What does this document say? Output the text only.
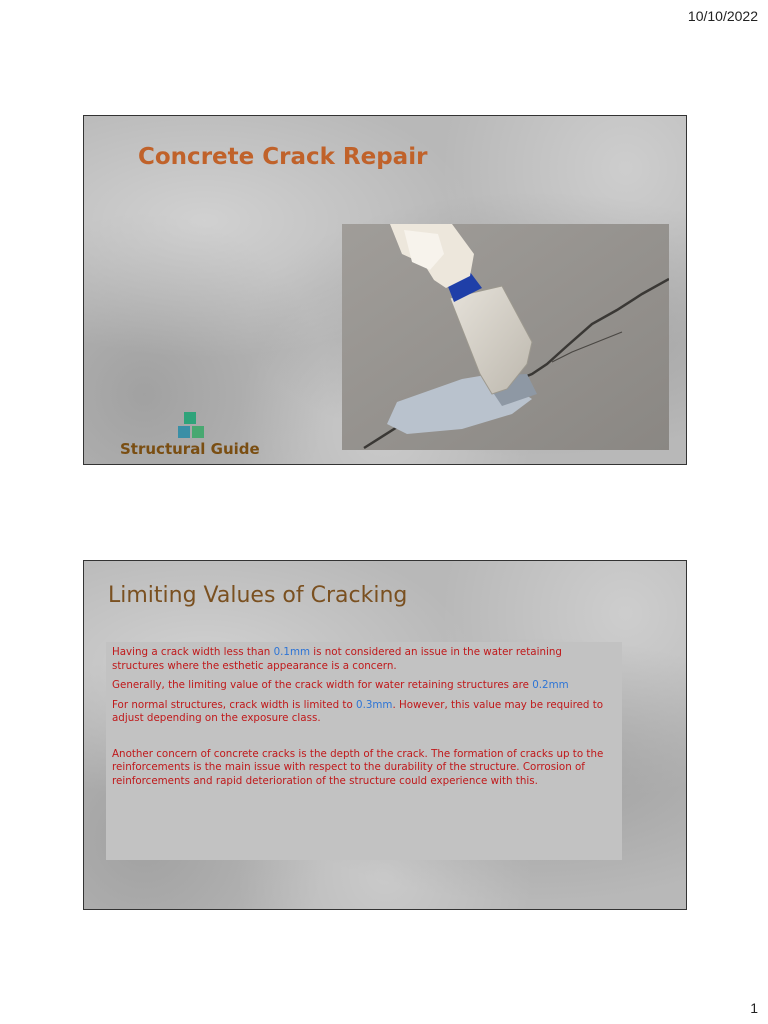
10/10/2022
Concrete Crack Repair
Structural Guide
Limiting Values of Cracking

Having a crack width less than 0.1mm is not considered an issue in the water retaining structures where the esthetic appearance is a concern.

Generally, the limiting value of the crack width for water retaining structures are 0.2mm

For normal structures, crack width is limited to 0.3mm. However, this value may be required to adjust depending on the exposure class.

Another concern of concrete cracks is the depth of the crack. The formation of cracks up to the reinforcements is the main issue with respect to the durability of the structure. Corrosion of reinforcements and rapid deterioration of the structure could experience with this.

1
